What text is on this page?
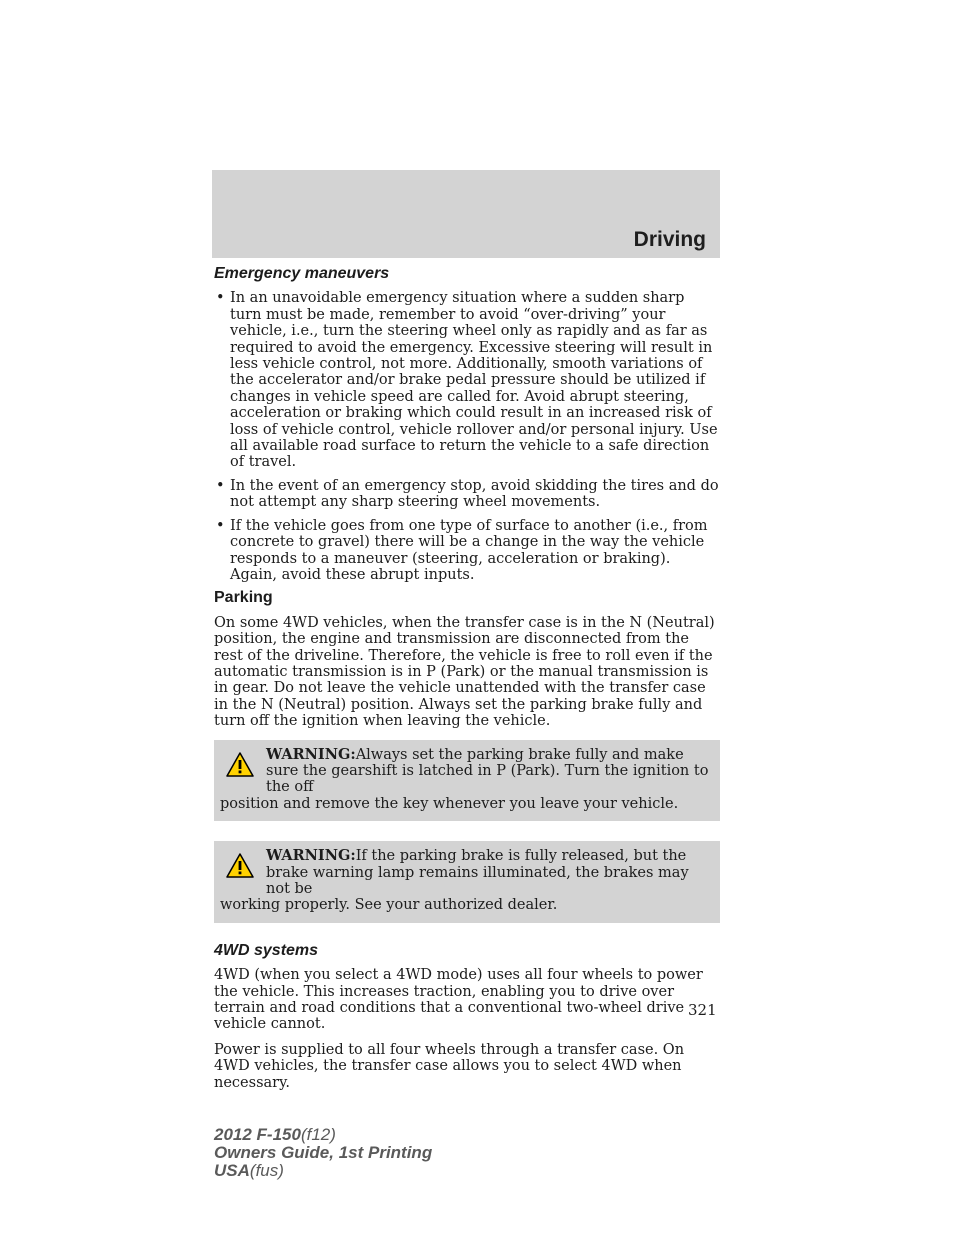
Driving
Emergency maneuvers
• In an unavoidable emergency situation where a sudden sharp turn must be made, remember to avoid “over-driving” your vehicle, i.e., turn the steering wheel only as rapidly and as far as required to avoid the emergency. Excessive steering will result in less vehicle control, not more. Additionally, smooth variations of the accelerator and/or brake pedal pressure should be utilized if changes in vehicle speed are called for. Avoid abrupt steering, acceleration or braking which could result in an increased risk of loss of vehicle control, vehicle rollover and/or personal injury. Use all available road surface to return the vehicle to a safe direction of travel.
• In the event of an emergency stop, avoid skidding the tires and do not attempt any sharp steering wheel movements.
• If the vehicle goes from one type of surface to another (i.e., from concrete to gravel) there will be a change in the way the vehicle responds to a maneuver (steering, acceleration or braking). Again, avoid these abrupt inputs.
Parking

On some 4WD vehicles, when the transfer case is in the N (Neutral) position, the engine and transmission are disconnected from the rest of the driveline. Therefore, the vehicle is free to roll even if the automatic transmission is in P (Park) or the manual transmission is in gear. Do not leave the vehicle unattended with the transfer case in the N (Neutral) position. Always set the parking brake fully and turn off the ignition when leaving the vehicle.

WARNING:Always set the parking brake fully and make sure the gearshift is latched in P (Park). Turn the ignition to the off
position and remove the key whenever you leave your vehicle.
WARNING:If the parking brake is fully released, but the brake warning lamp remains illuminated, the brakes may not be
working properly. See your authorized dealer.
4WD systems

4WD (when you select a 4WD mode) uses all four wheels to power the vehicle. This increases traction, enabling you to drive over terrain and road conditions that a conventional two-wheel drive vehicle cannot.

Power is supplied to all four wheels through a transfer case. On 4WD vehicles, the transfer case allows you to select 4WD when necessary.

321
2012 F-150(f12)
Owners Guide, 1st Printing
USA(fus)
